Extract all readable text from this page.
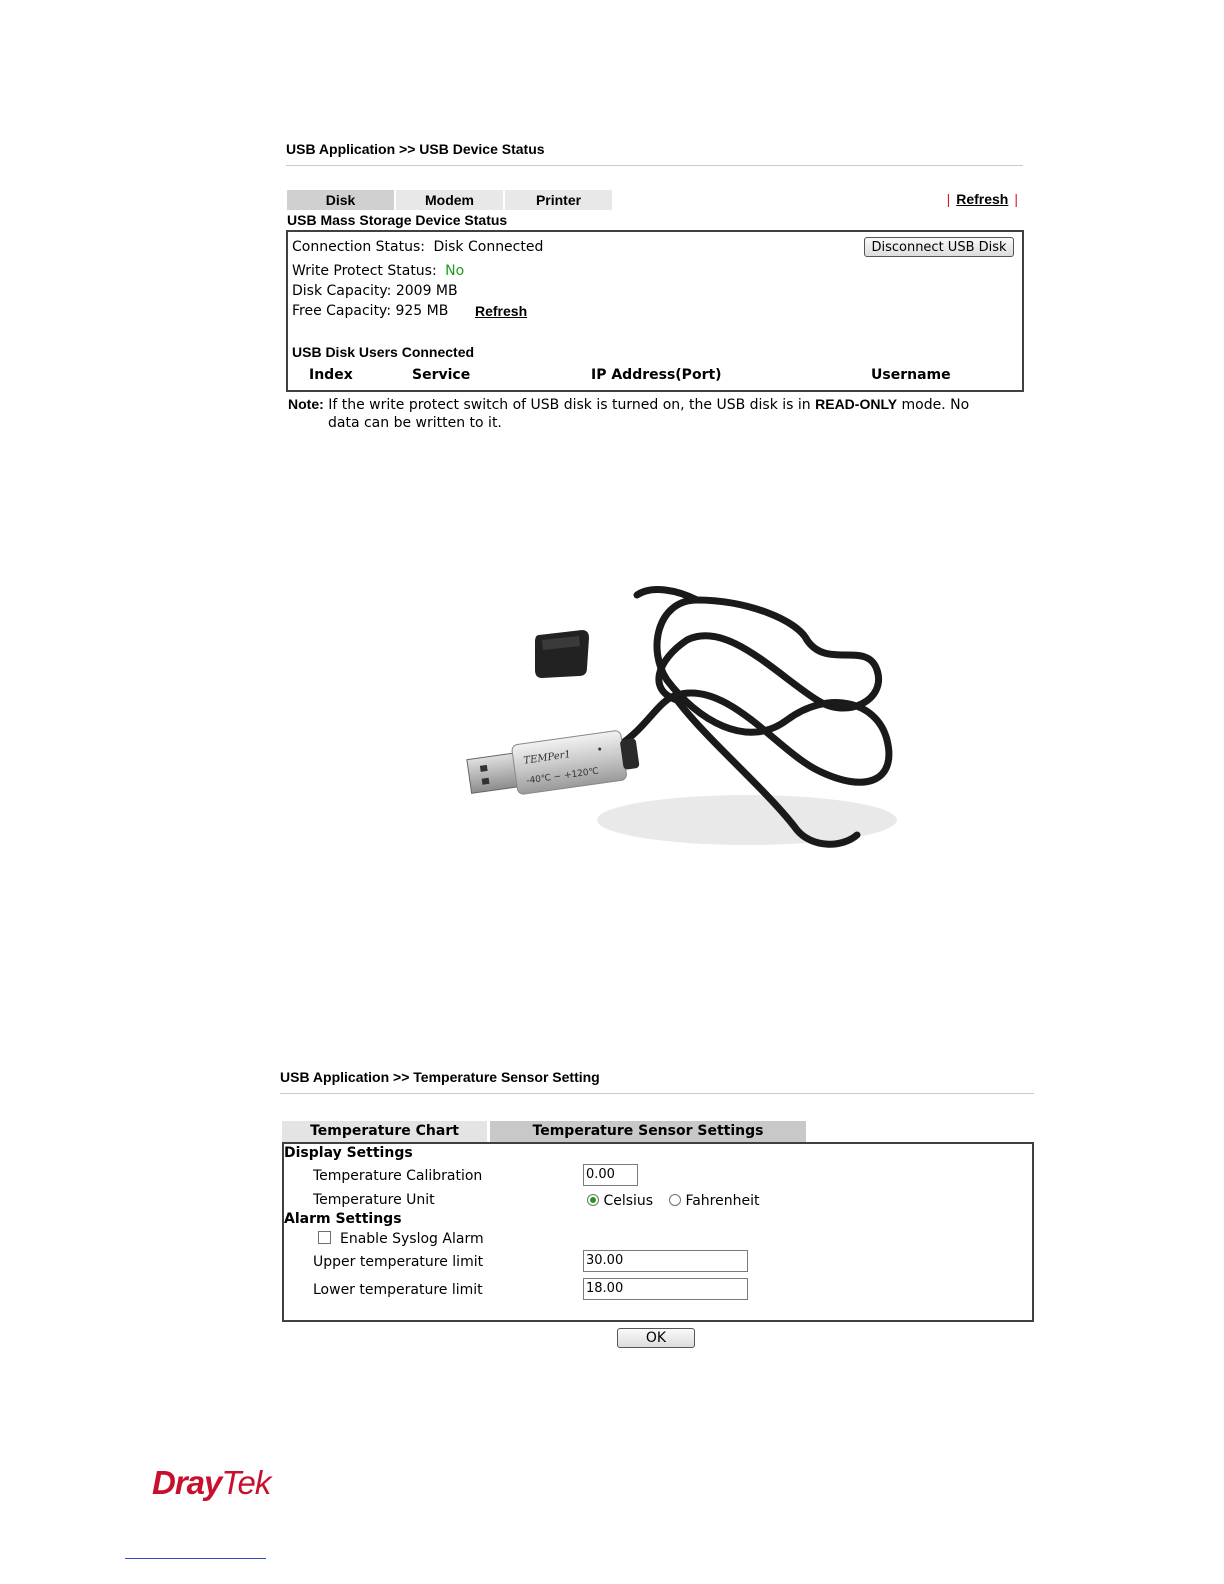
USB Application >> USB Device Status
Disk	Modem	Printer	| Refresh |
USB Mass Storage Device Status
Connection Status: Disk Connected	Disconnect USB Disk
Write Protect Status: No
Disk Capacity: 2009 MB
Free Capacity: 925 MB Refresh
USB Disk Users Connected
Index	Service	IP Address(Port)	Username
Note: If the write protect switch of USB disk is turned on, the USB disk is in READ-ONLY mode. No
data can be written to it.
TEMPer1
-40℃ ~ +120℃
USB Application >> Temperature Sensor Setting
Temperature Chart	Temperature Sensor Settings
Display Settings
Temperature Calibration	0.00
Temperature Unit	Celsius	Fahrenheit
Alarm Settings
Enable Syslog Alarm
Upper temperature limit	30.00
Lower temperature limit	18.00
OK
DrayTek
